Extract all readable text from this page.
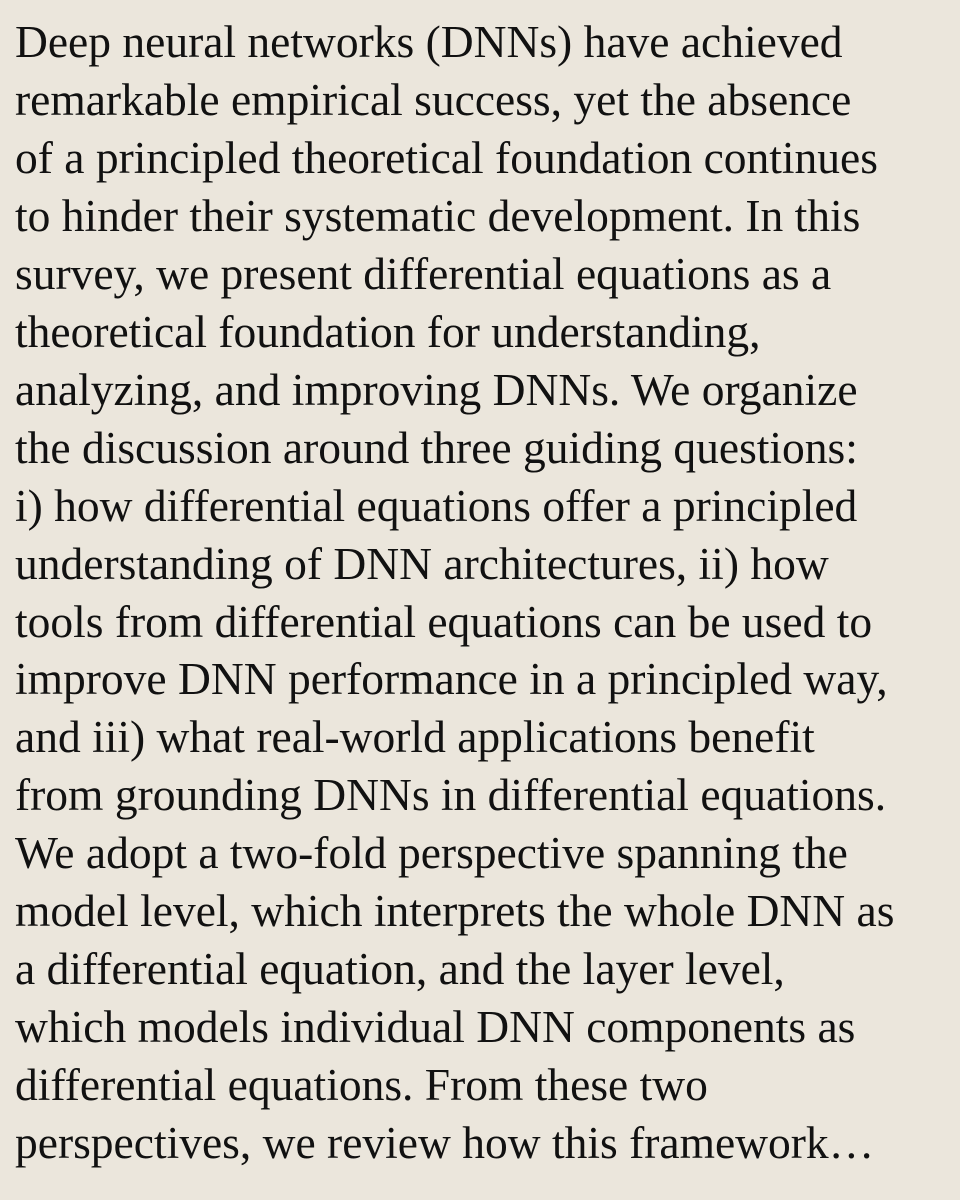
Deep neural networks (DNNs) have achieved
remarkable empirical success, yet the absence
of a principled theoretical foundation continues
to hinder their systematic development. In this
survey, we present differential equations as a
theoretical foundation for understanding,
analyzing, and improving DNNs. We organize
the discussion around three guiding questions:
i) how differential equations offer a principled
understanding of DNN architectures, ii) how
tools from differential equations can be used to
improve DNN performance in a principled way,
and iii) what real-world applications benefit
from grounding DNNs in differential equations.
We adopt a two-fold perspective spanning the
model level, which interprets the whole DNN as
a differential equation, and the layer level,
which models individual DNN components as
differential equations. From these two
perspectives, we review how this framework…
